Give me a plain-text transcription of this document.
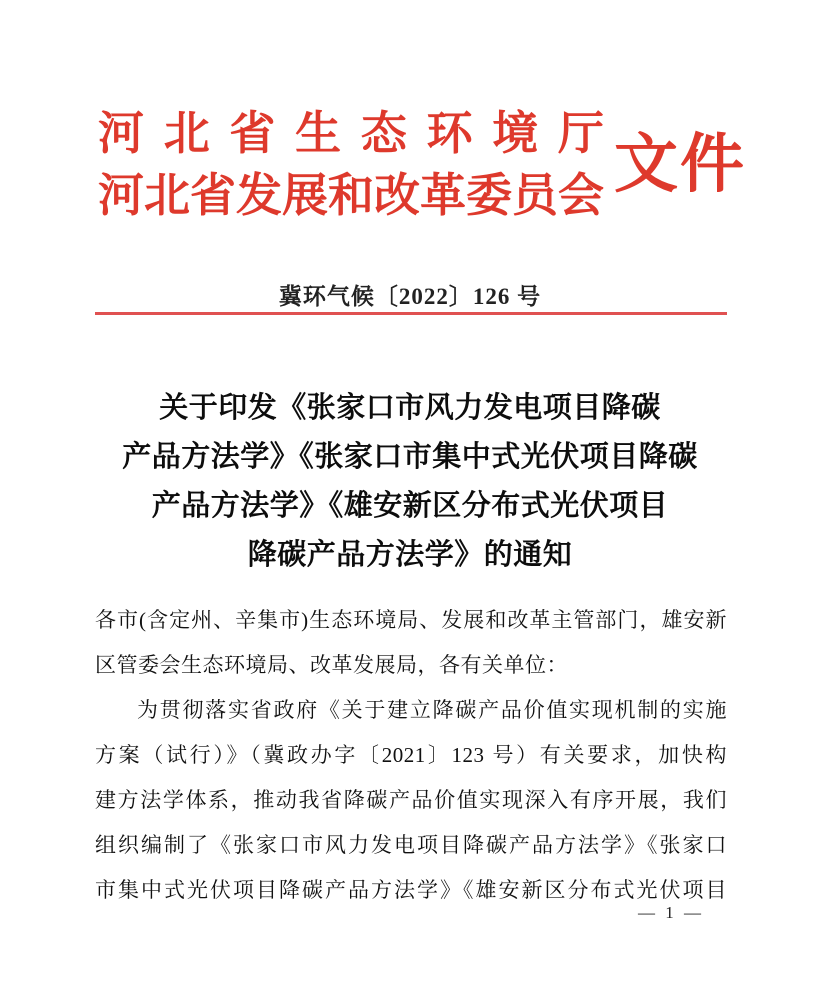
河北省生态环境厅
河北省发展和改革委员会 文件
冀环气候〔2022〕126 号
关于印发《张家口市风力发电项目降碳
产品方法学》《张家口市集中式光伏项目降碳
产品方法学》《雄安新区分布式光伏项目
降碳产品方法学》的通知
各市(含定州、辛集市)生态环境局、发展和改革主管部门，雄安新
区管委会生态环境局、改革发展局，各有关单位：
为贯彻落实省政府《关于建立降碳产品价值实现机制的实施
方案（试行）》（冀政办字〔2021〕123 号）有关要求，加快构
建方法学体系，推动我省降碳产品价值实现深入有序开展，我们
组织编制了《张家口市风力发电项目降碳产品方法学》《张家口
市集中式光伏项目降碳产品方法学》《雄安新区分布式光伏项目
— 1 —
